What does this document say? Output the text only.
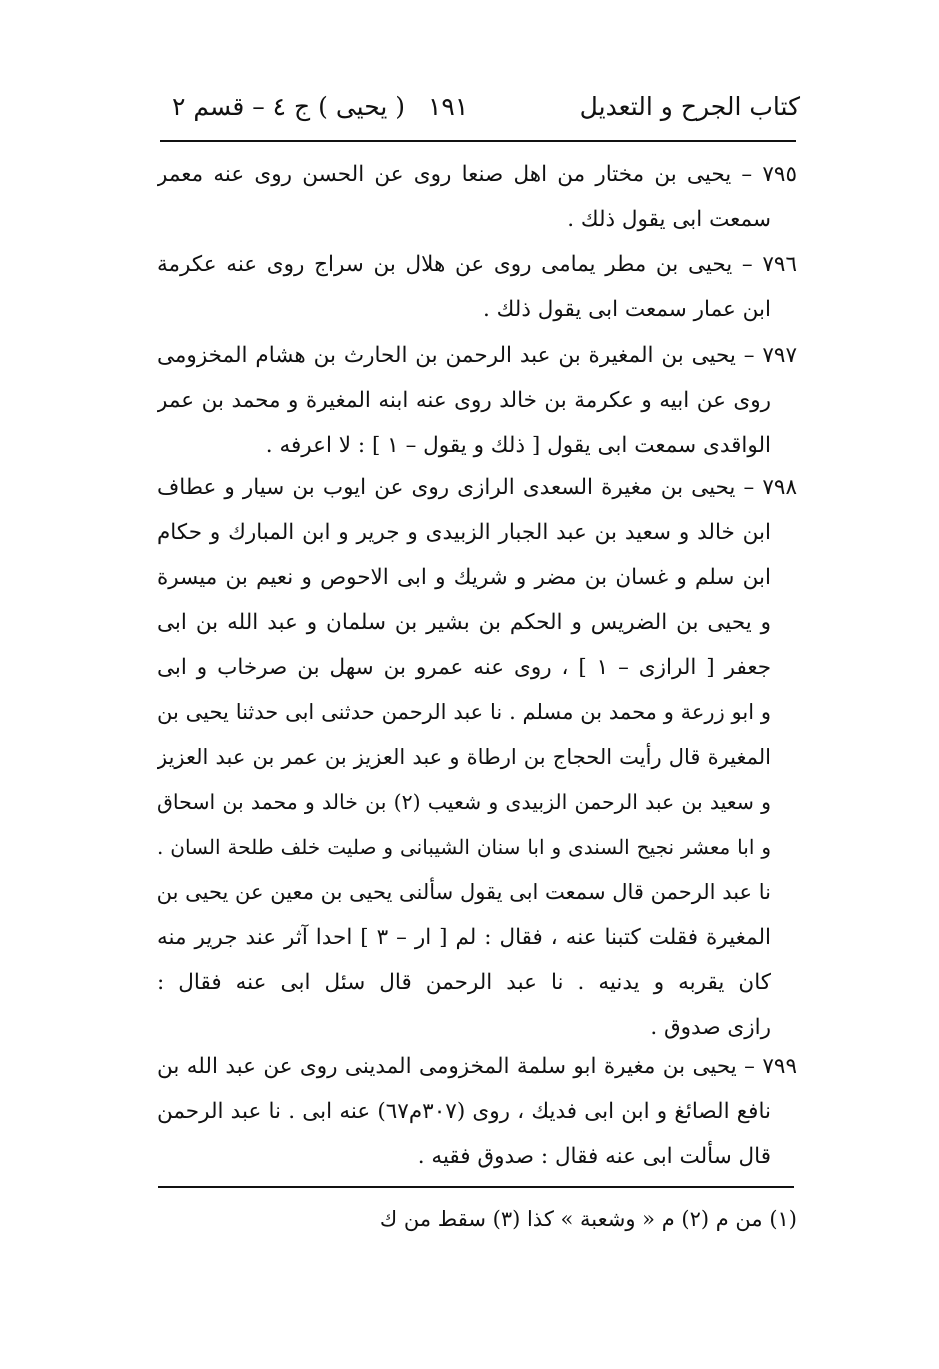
كتاب الجرح و التعديل
١٩١
( يحيى ) ج ٤ – قسم ٢
٧٩٥ – يحيى بن مختار من اهل صنعا روى عن الحسن روى عنه معمر
سمعت ابى يقول ذلك .
٧٩٦ – يحيى بن مطر يمامى روى عن هلال بن سراج روى عنه عكرمة
ابن عمار سمعت ابى يقول ذلك .
٧٩٧ – يحيى بن المغيرة بن عبد الرحمن بن الحارث بن هشام المخزومى
روى عن ابيه و عكرمة بن خالد روى عنه ابنه المغيرة و محمد بن عمر
الواقدى سمعت ابى يقول [ ذلك و يقول – ١ ] : لا اعرفه .
٧٩٨ – يحيى بن مغيرة السعدى الرازى روى عن ايوب بن سيار و عطاف
ابن خالد و سعيد بن عبد الجبار الزبيدى و جرير و ابن المبارك و حكام
ابن سلم و غسان بن مضر و شريك و ابى الاحوص و نعيم بن ميسرة
و يحيى بن الضريس و الحكم بن بشير بن سلمان و عبد الله بن ابى
جعفر [ الرازى – ١ ] ، روى عنه عمرو بن سهل بن صرخاب و ابى
و ابو زرعة و محمد بن مسلم . نا عبد الرحمن حدثنى ابى حدثنا يحيى بن
المغيرة قال رأيت الحجاج بن ارطاة و عبد العزيز بن عمر بن عبد العزيز
و سعيد بن عبد الرحمن الزبيدى و شعيب (٢) بن خالد و محمد بن اسحاق
و ابا معشر نجيح السندى و ابا سنان الشيبانى و صليت خلف طلحة السان .
نا عبد الرحمن قال سمعت ابى يقول سألنى يحيى بن معين عن يحيى بن
المغيرة فقلت كتبنا عنه ، فقال : لم [ ار – ٣ ] احدا آثر عند جرير منه
كان يقربه و يدنيه . نا عبد الرحمن قال سئل ابى عنه فقال :
رازى صدوق .
٧٩٩ – يحيى بن مغيرة ابو سلمة المخزومى المدينى روى عن عبد الله بن
نافع الصائغ و ابن ابى فديك ، روى (٣٠٧م٦٧) عنه ابى . نا عبد الرحمن
قال سألت ابى عنه فقال : صدوق فقيه .
(١) من م (٢) م « وشعبة » كذا (٣) سقط من ك
